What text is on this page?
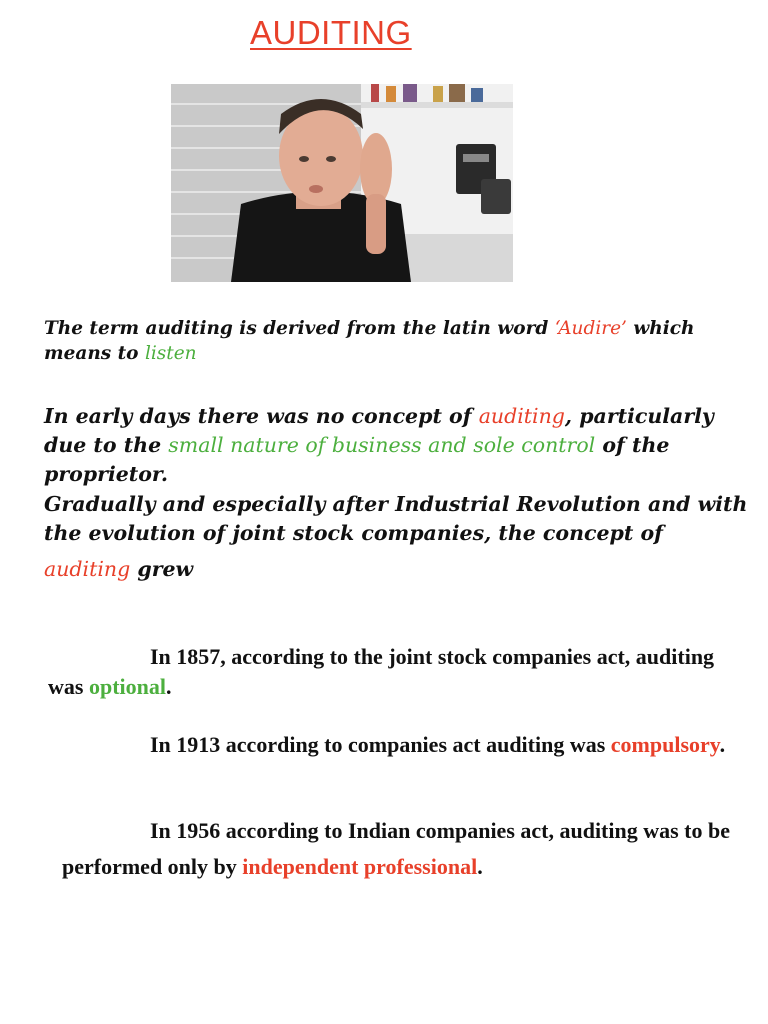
AUDITING
The term auditing is derived from the latin word ‘Audire’ which means to listen
In early days there was no concept of auditing, particularly due to the small nature of business and sole control of the proprietor.
Gradually and especially after Industrial Revolution and with the evolution of joint stock companies, the concept of
auditing grew
In 1857, according to the joint stock companies act, auditing was optional.
In 1913 according to companies act auditing was compulsory.
In 1956 according to Indian companies act, auditing was to be performed only by independent professional.
